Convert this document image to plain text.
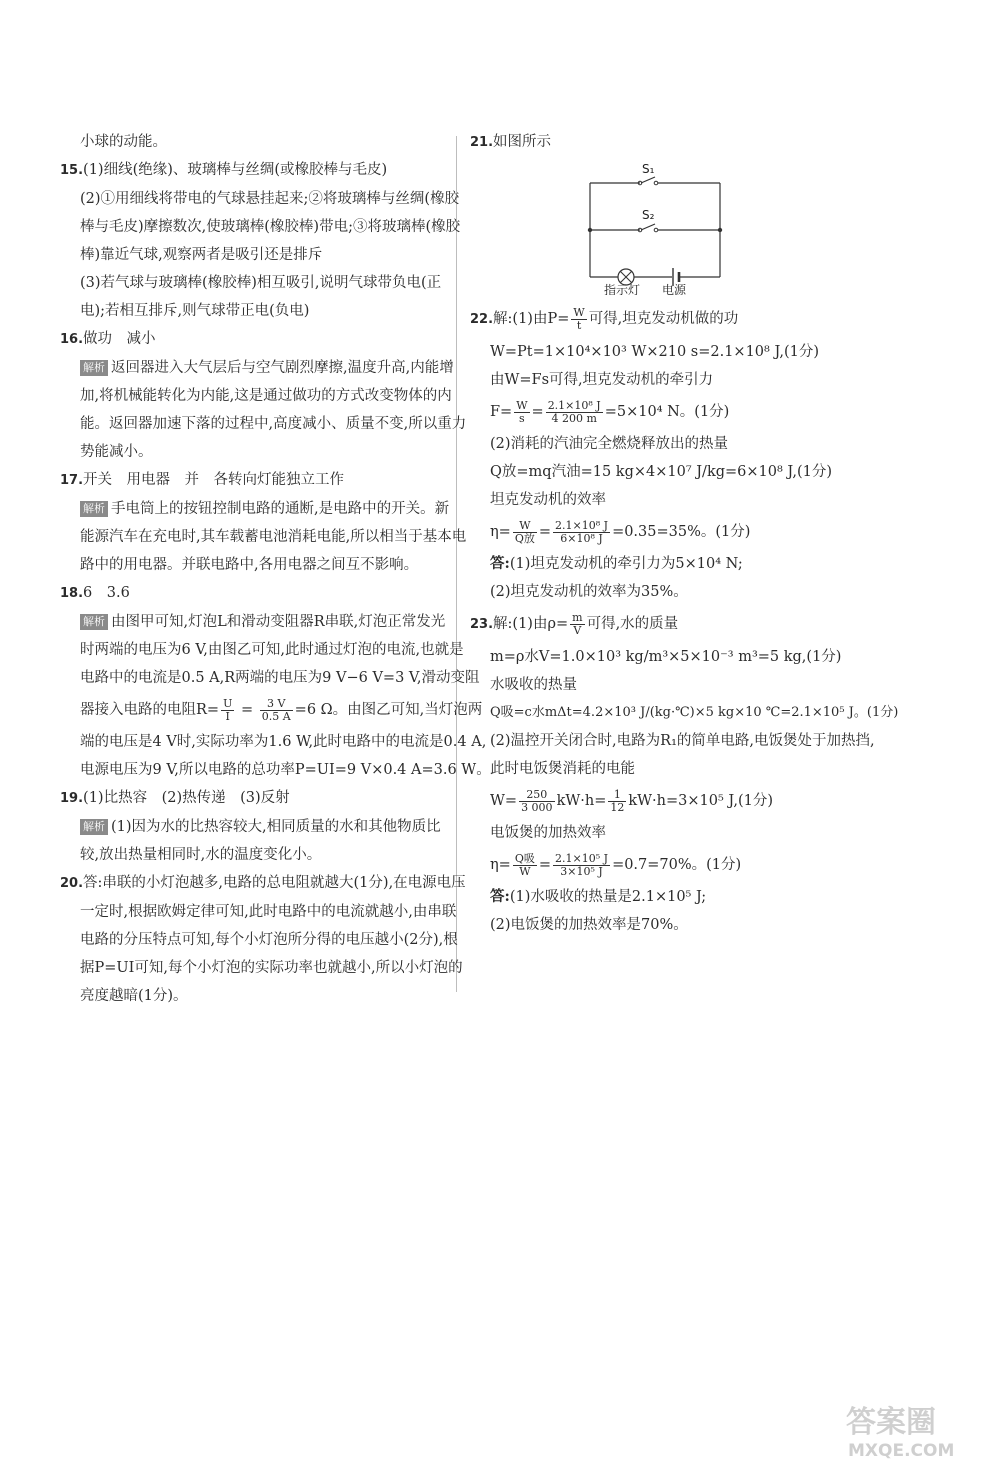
小球的动能。

15.(1)细线(绝缘)、玻璃棒与丝绸(或橡胶棒与毛皮)

(2)①用细线将带电的气球悬挂起来;②将玻璃棒与丝绸(橡胶

棒与毛皮)摩擦数次,使玻璃棒(橡胶棒)带电;③将玻璃棒(橡胶

棒)靠近气球,观察两者是吸引还是排斥

(3)若气球与玻璃棒(橡胶棒)相互吸引,说明气球带负电(正

电);若相互排斥,则气球带正电(负电)

16.做功　减小

解析 返回器进入大气层后与空气剧烈摩擦,温度升高,内能增

加,将机械能转化为内能,这是通过做功的方式改变物体的内

能。返回器加速下落的过程中,高度减小、质量不变,所以重力

势能减小。

17.开关　用电器　并　各转向灯能独立工作

解析 手电筒上的按钮控制电路的通断,是电路中的开关。新

能源汽车在充电时,其车载蓄电池消耗电能,所以相当于基本电

路中的用电器。并联电路中,各用电器之间互不影响。

18.6　3.6

解析 由图甲可知,灯泡L和滑动变阻器R串联,灯泡正常发光

时两端的电压为6 V,由图乙可知,此时通过灯泡的电流,也就是

电路中的电流是0.5 A,R两端的电压为9 V−6 V=3 V,滑动变阻

器接入电路的电阻$R= \frac{U}{I} = \frac{3 V}{0.5 A} =6$ Ω。由图乙可知,当灯泡两

端的电压是4 V时,实际功率为1.6 W,此时电路中的电流是0.4 A,

电源电压为9 V,所以电路的总功率P=UI=9 V×0.4 A=3.6 W。

19.(1)比热容　(2)热传递　(3)反射

解析 (1)因为水的比热容较大,相同质量的水和其他物质比

较,放出热量相同时,水的温度变化小。

20.答:串联的小灯泡越多,电路的总电阻就越大(1分),在电源电压

一定时,根据欧姆定律可知,此时电路中的电流就越小,由串联

电路的分压特点可知,每个小灯泡所分得的电压越小(2分),根

据P=UI可知,每个小灯泡的实际功率也就越小,所以小灯泡的

亮度越暗(1分)。

21.如图所示

S₁
S₂
指示灯 电源

22.解:(1)由$P= \frac{W}{t}$ 可得,坦克发动机做的功

W=Pt=1×10⁴×10³ W×210 s=2.1×10⁸ J,(1分)

由W=Fs可得,坦克发动机的牵引力

$F= \frac{W}{s} = \frac{\text{2.1×10⁸ J}}{4 200 m} =5\times 10^4$ N。(1分)

(2)消耗的汽油完全燃烧释放出的热量

Q放=mq汽油=15 kg×4×10⁷ J/kg=6×10⁸ J,(1分)

坦克发动机的效率

$\eta= \frac{W}{\text{Q放}} = \frac{\text{2.1×10⁸ J}}{\text{6×10⁸ J}} =0.35=35\%$。(1分)

答:(1)坦克发动机的牵引力为5×10⁴ N;

(2)坦克发动机的效率为35%。

23.解:(1)由$\rho= \frac{m}{V}$ 可得,水的质量

m=ρ水V=1.0×10³ kg/m³×5×10⁻³ m³=5 kg,(1分)

水吸收的热量

Q吸=c水mΔt=4.2×10³ J/(kg·℃)×5 kg×10 ℃=2.1×10⁵ J。(1分)

(2)温控开关闭合时,电路为R₁的简单电路,电饭煲处于加热挡,

此时电饭煲消耗的电能

$W= \frac{250}{3 000} kW\cdot h= \frac{1}{12} kW\cdot h=3\times 10^5$ J,(1分)

电饭煲的加热效率

$\eta= \frac{\text{Q吸}}{W} = \frac{\text{2.1×10⁵ J}}{\text{3×10⁵ J}} =0.7=70\%$。(1分)

答:(1)水吸收的热量是2.1×10⁵ J;

(2)电饭煲的加热效率是70%。

答案圈
MXQE.COM
